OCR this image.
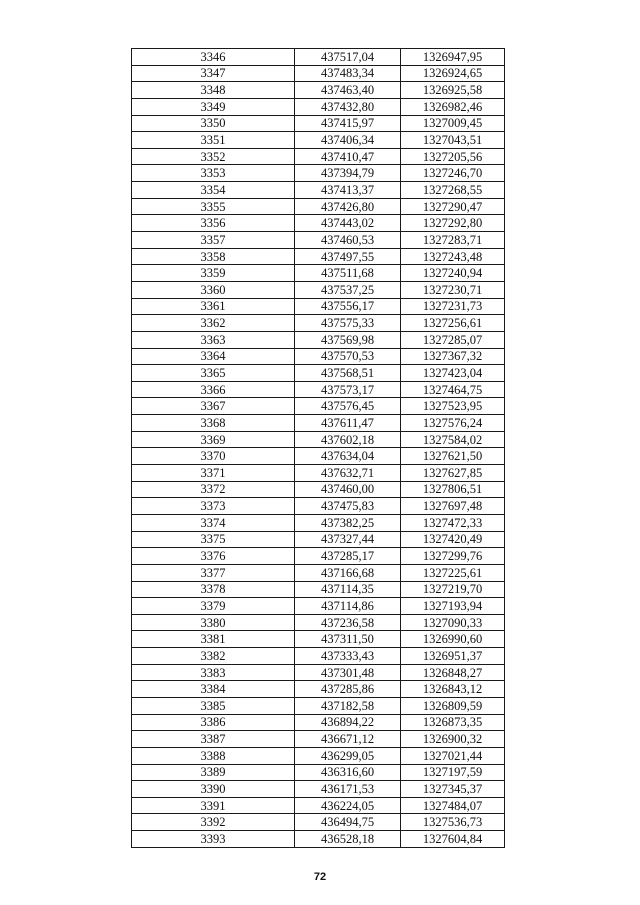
3346	437517,04	1326947,95
3347	437483,34	1326924,65
3348	437463,40	1326925,58
3349	437432,80	1326982,46
3350	437415,97	1327009,45
3351	437406,34	1327043,51
3352	437410,47	1327205,56
3353	437394,79	1327246,70
3354	437413,37	1327268,55
3355	437426,80	1327290,47
3356	437443,02	1327292,80
3357	437460,53	1327283,71
3358	437497,55	1327243,48
3359	437511,68	1327240,94
3360	437537,25	1327230,71
3361	437556,17	1327231,73
3362	437575,33	1327256,61
3363	437569,98	1327285,07
3364	437570,53	1327367,32
3365	437568,51	1327423,04
3366	437573,17	1327464,75
3367	437576,45	1327523,95
3368	437611,47	1327576,24
3369	437602,18	1327584,02
3370	437634,04	1327621,50
3371	437632,71	1327627,85
3372	437460,00	1327806,51
3373	437475,83	1327697,48
3374	437382,25	1327472,33
3375	437327,44	1327420,49
3376	437285,17	1327299,76
3377	437166,68	1327225,61
3378	437114,35	1327219,70
3379	437114,86	1327193,94
3380	437236,58	1327090,33
3381	437311,50	1326990,60
3382	437333,43	1326951,37
3383	437301,48	1326848,27
3384	437285,86	1326843,12
3385	437182,58	1326809,59
3386	436894,22	1326873,35
3387	436671,12	1326900,32
3388	436299,05	1327021,44
3389	436316,60	1327197,59
3390	436171,53	1327345,37
3391	436224,05	1327484,07
3392	436494,75	1327536,73
3393	436528,18	1327604,84
72
